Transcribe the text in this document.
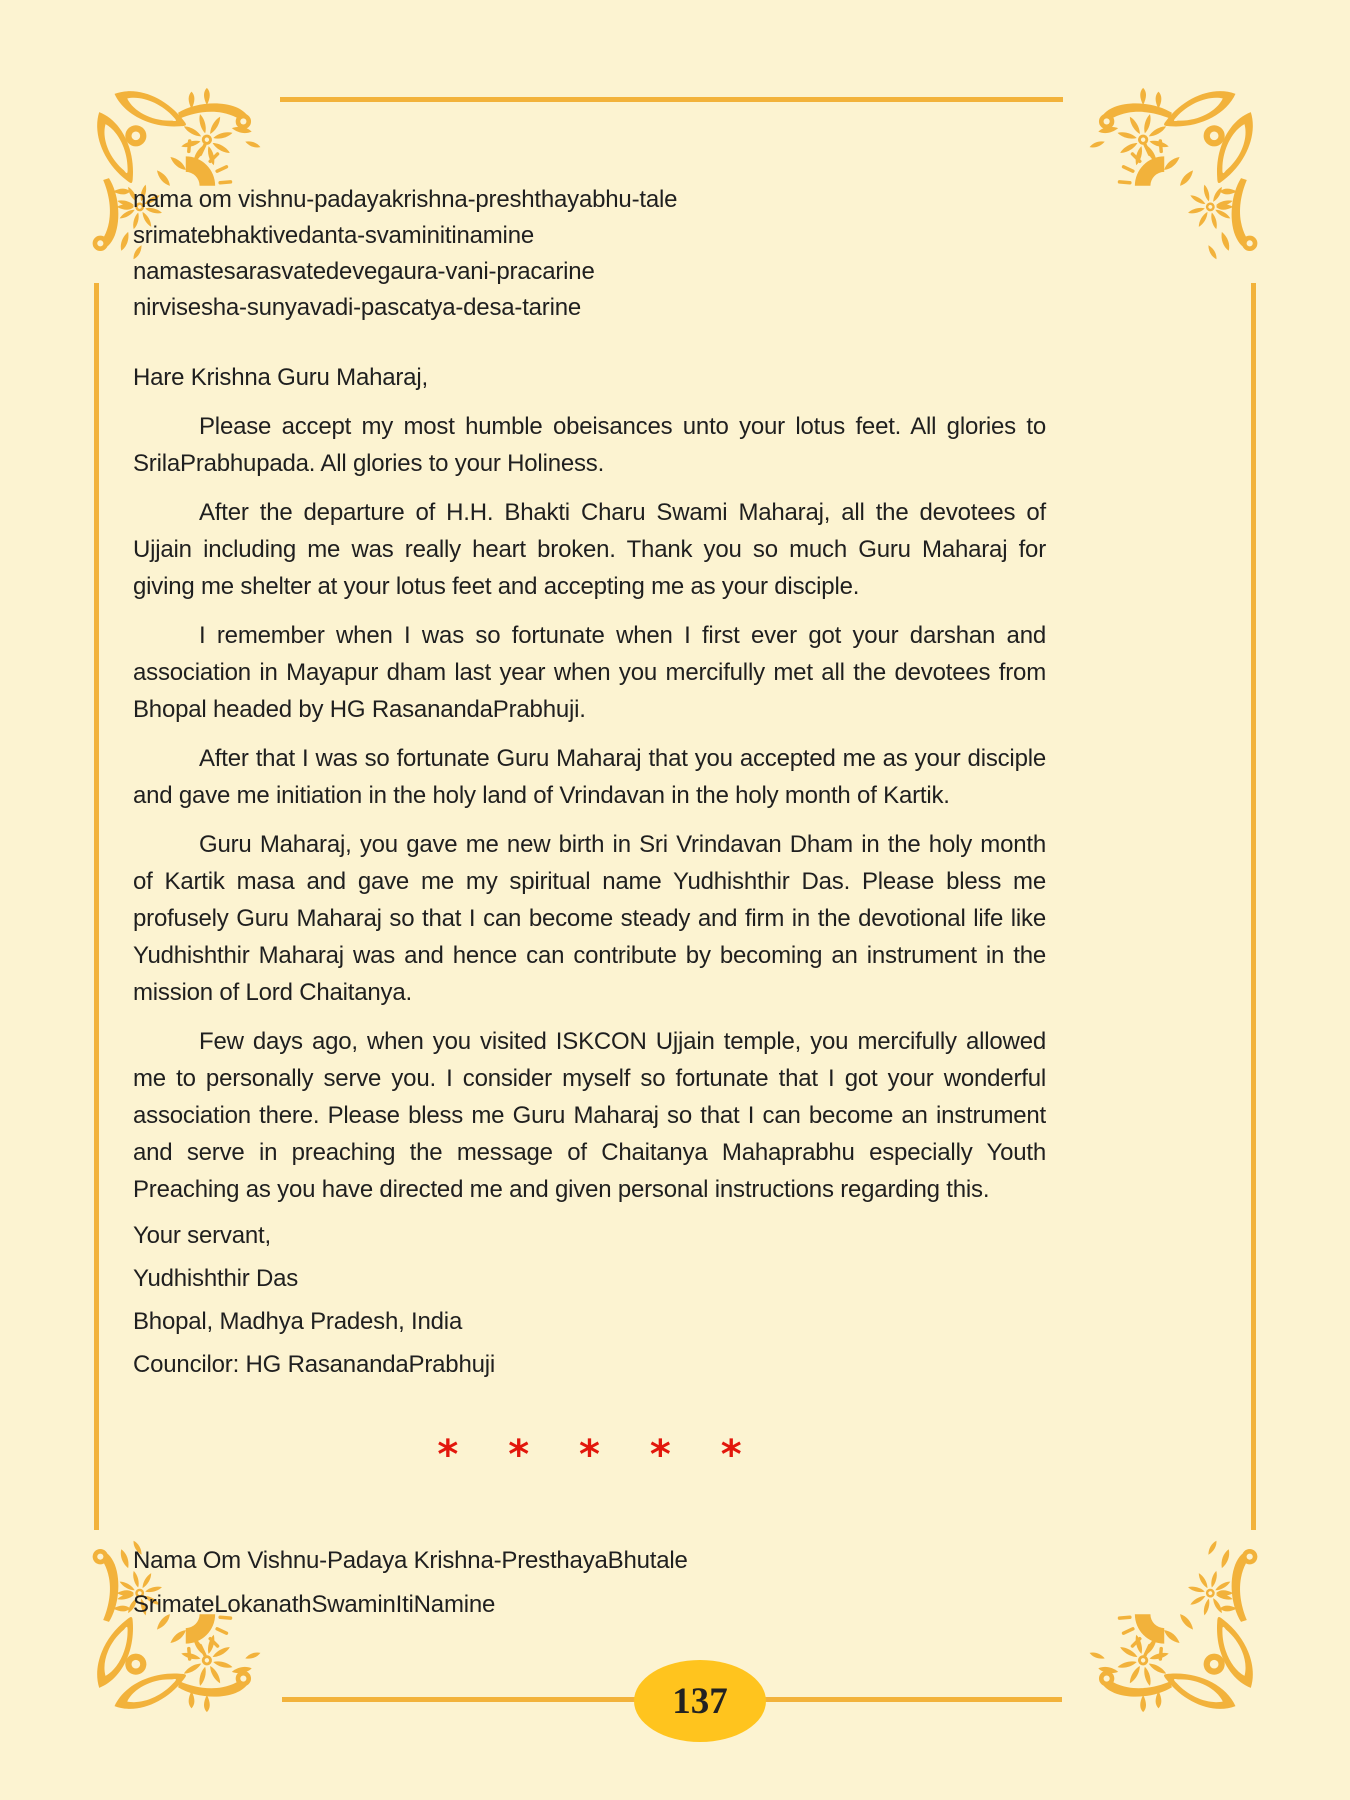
nama om vishnu-padayakrishna-preshthayabhu-tale

srimatebhaktivedanta-svaminitinamine

namastesarasvatedevegaura-vani-pracarine

nirvisesha-sunyavadi-pascatya-desa-tarine

Hare Krishna Guru Maharaj,

Please accept my most humble obeisances unto your lotus feet. All glories to SrilaPrabhupada. All glories to your Holiness.

After the departure of H.H. Bhakti Charu Swami Maharaj, all the devotees of Ujjain including me was really heart broken. Thank you so much Guru Maharaj for giving me shelter at your lotus feet and accepting me as your disciple.

I remember when I was so fortunate when I first ever got your darshan and association in Mayapur dham last year when you mercifully met all the devotees from Bhopal headed by HG RasanandaPrabhuji.

After that I was so fortunate Guru Maharaj that you accepted me as your disciple and gave me initiation in the holy land of Vrindavan in the holy month of Kartik.

Guru Maharaj, you gave me new birth in Sri Vrindavan Dham in the holy month of Kartik masa and gave me my spiritual name Yudhishthir Das. Please bless me profusely Guru Maharaj so that I can become steady and firm in the devotional life like Yudhishthir Maharaj was and hence can contribute by becoming an instrument in the mission of Lord Chaitanya.

Few days ago, when you visited ISKCON Ujjain temple, you mercifully allowed me to personally serve you. I consider myself so fortunate that I got your wonderful association there. Please bless me Guru Maharaj so that I can become an instrument and serve in preaching the message of Chaitanya Mahaprabhu especially Youth Preaching as you have directed me and given personal instructions regarding this.

Your servant,

Yudhishthir Das

Bhopal, Madhya Pradesh, India

Councilor: HG RasanandaPrabhuji

* * * * *

Nama Om Vishnu-Padaya Krishna-PresthayaBhutale

SrimateLokanathSwaminItiNamine

137
